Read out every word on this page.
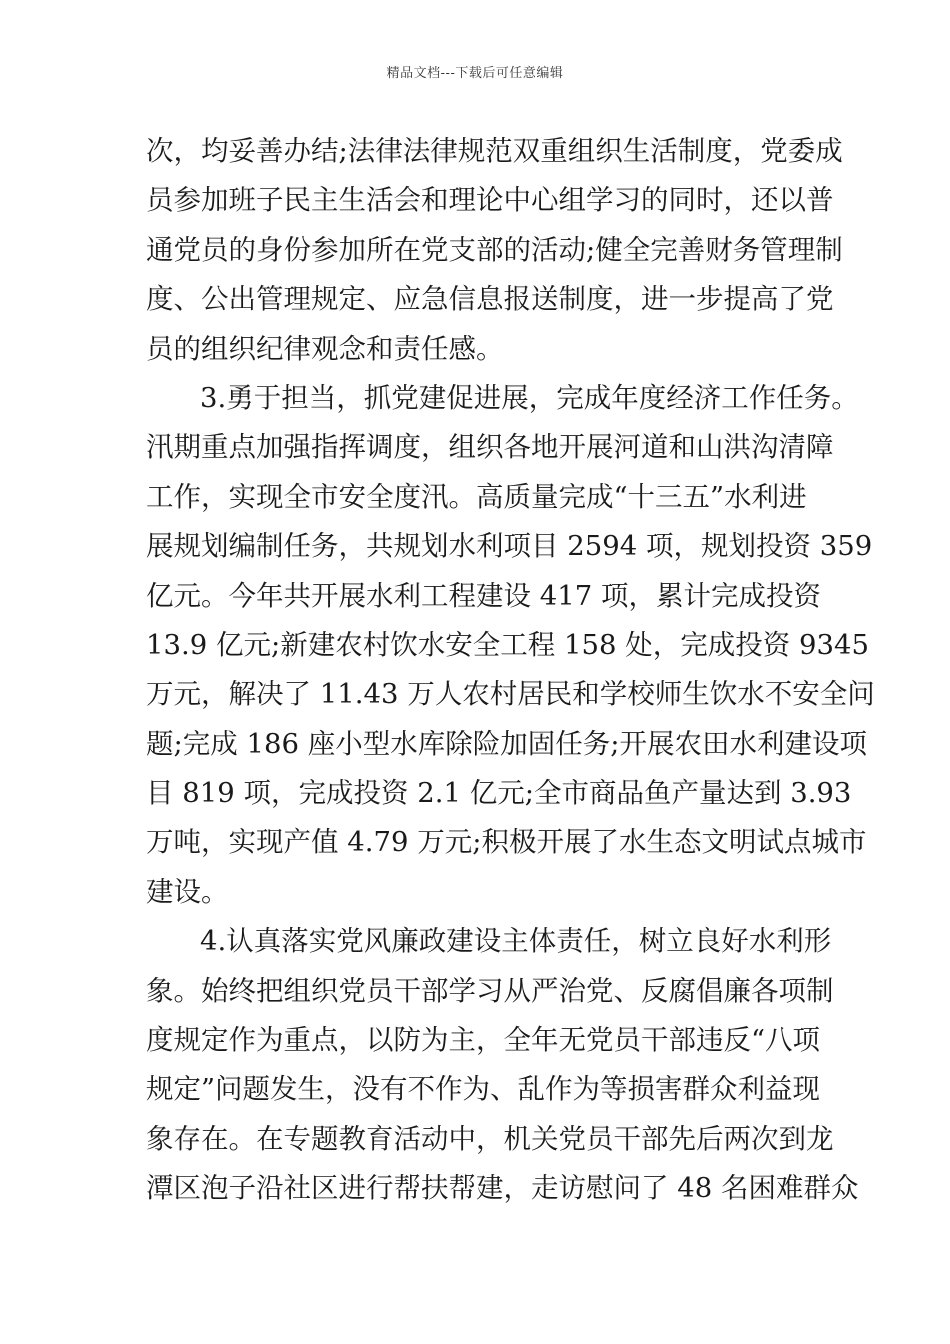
精品文档---下载后可任意编辑
次，均妥善办结;法律法律规范双重组织生活制度，党委成
员参加班子民主生活会和理论中心组学习的同时，还以普
通党员的身份参加所在党支部的活动;健全完善财务管理制
度、公出管理规定、应急信息报送制度，进一步提高了党
员的组织纪律观念和责任感。
3.勇于担当，抓党建促进展，完成年度经济工作任务。
汛期重点加强指挥调度，组织各地开展河道和山洪沟清障
工作，实现全市安全度汛。高质量完成“十三五”水利进
展规划编制任务，共规划水利项目 2594 项，规划投资 359
亿元。今年共开展水利工程建设 417 项，累计完成投资
13.9 亿元;新建农村饮水安全工程 158 处，完成投资 9345
万元，解决了 11.43 万人农村居民和学校师生饮水不安全问
题;完成 186 座小型水库除险加固任务;开展农田水利建设项
目 819 项，完成投资 2.1 亿元;全市商品鱼产量达到 3.93
万吨，实现产值 4.79 万元;积极开展了水生态文明试点城市
建设。
4.认真落实党风廉政建设主体责任，树立良好水利形
象。始终把组织党员干部学习从严治党、反腐倡廉各项制
度规定作为重点，以防为主，全年无党员干部违反“八项
规定”问题发生，没有不作为、乱作为等损害群众利益现
象存在。在专题教育活动中，机关党员干部先后两次到龙
潭区泡子沿社区进行帮扶帮建，走访慰问了 48 名困难群众
